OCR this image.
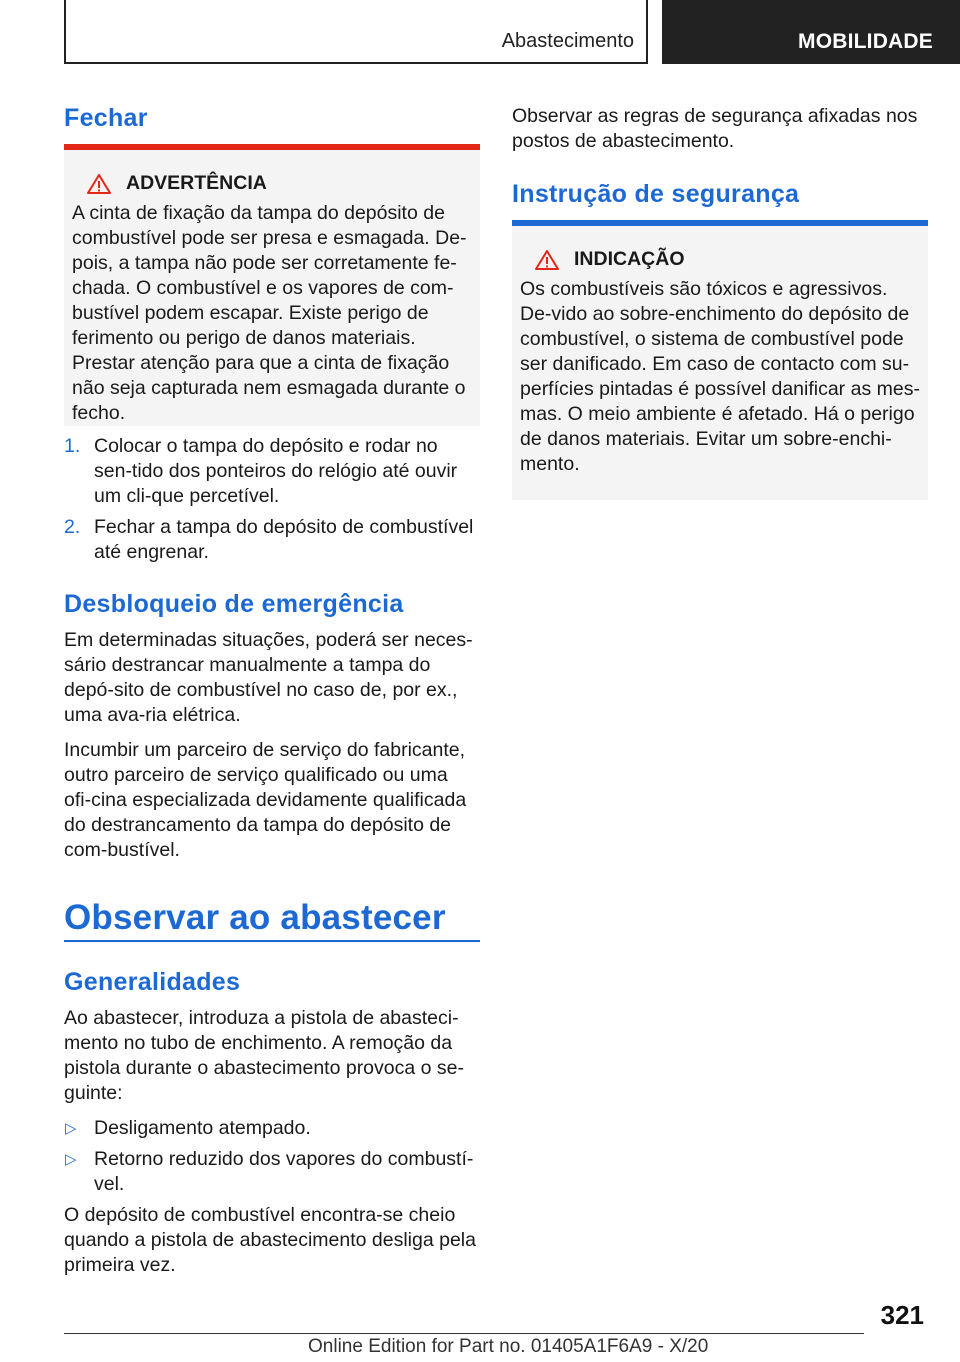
Abastecimento	MOBILIDADE
Fechar
ADVERTÊNCIA

A cinta de fixação da tampa do depósito de combustível pode ser presa e esmagada. De-pois, a tampa não pode ser corretamente fe-chada. O combustível e os vapores de com-bustível podem escapar. Existe perigo de ferimento ou perigo de danos materiais. Prestar atenção para que a cinta de fixação não seja capturada nem esmagada durante o fecho.

1. Colocar o tampa do depósito e rodar no sen-tido dos ponteiros do relógio até ouvir um cli-que percetível.
2. Fechar a tampa do depósito de combustível até engrenar.
Desbloqueio de emergência

Em determinadas situações, poderá ser neces-sário destrancar manualmente a tampa do depó-sito de combustível no caso de, por ex., uma ava-ria elétrica.

Incumbir um parceiro de serviço do fabricante, outro parceiro de serviço qualificado ou uma ofi-cina especializada devidamente qualificada do destrancamento da tampa do depósito de com-bustível.

Observar ao abastecer
Generalidades

Ao abastecer, introduza a pistola de abasteci-mento no tubo de enchimento. A remoção da pistola durante o abastecimento provoca o se-guinte:

▷ Desligamento atempado.
▷ Retorno reduzido dos vapores do combustí-vel.

O depósito de combustível encontra-se cheio quando a pistola de abastecimento desliga pela primeira vez.

Observar as regras de segurança afixadas nos postos de abastecimento.

Instrução de segurança
INDICAÇÃO

Os combustíveis são tóxicos e agressivos. De-vido ao sobre-enchimento do depósito de combustível, o sistema de combustível pode ser danificado. Em caso de contacto com su-perfícies pintadas é possível danificar as mes-mas. O meio ambiente é afetado. Há o perigo de danos materiais. Evitar um sobre-enchi-mento.

321
Online Edition for Part no. 01405A1F6A9 - X/20
